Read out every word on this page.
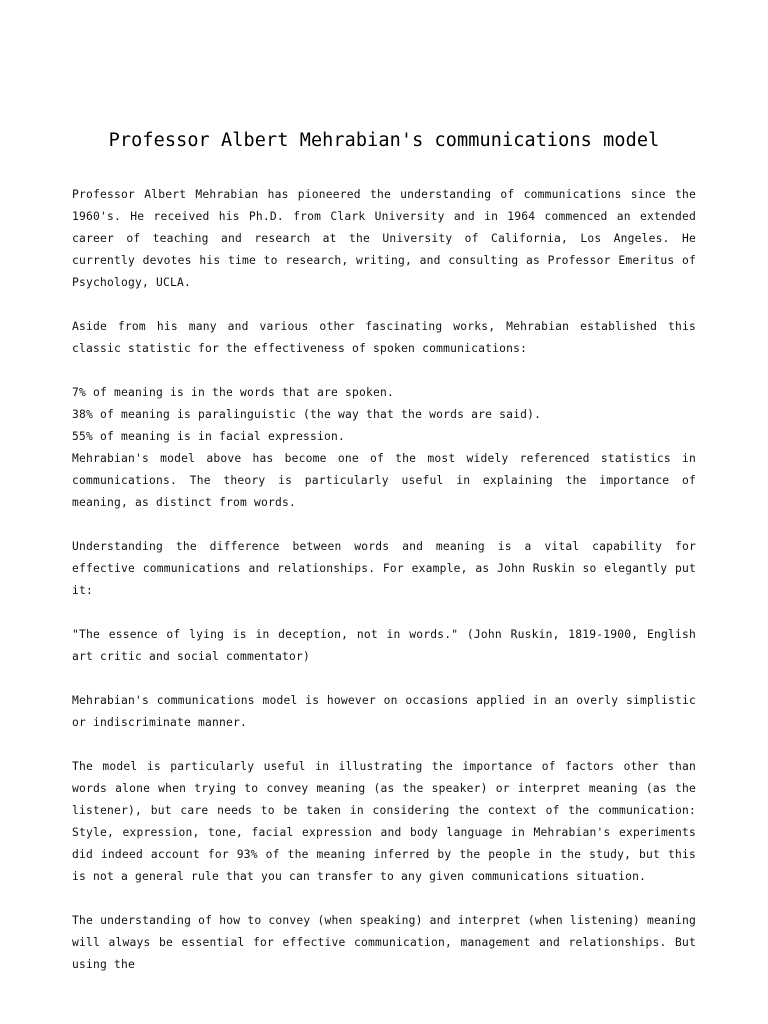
Professor Albert Mehrabian's communications model

Professor Albert Mehrabian has pioneered the understanding of communications since the 1960's. He received his Ph.D. from Clark University and in 1964 commenced an extended career of teaching and research at the University of California, Los Angeles. He currently devotes his time to research, writing, and consulting as Professor Emeritus of Psychology, UCLA.

Aside from his many and various other fascinating works, Mehrabian established this classic statistic for the effectiveness of spoken communications:

7% of meaning is in the words that are spoken.

38% of meaning is paralinguistic (the way that the words are said).

55% of meaning is in facial expression.

Mehrabian's model above has become one of the most widely referenced statistics in communications. The theory is particularly useful in explaining the importance of meaning, as distinct from words.

Understanding the difference between words and meaning is a vital capability for effective communications and relationships. For example, as John Ruskin so elegantly put it:

"The essence of lying is in deception, not in words." (John Ruskin, 1819-1900, English art critic and social commentator)

Mehrabian's communications model is however on occasions applied in an overly simplistic or indiscriminate manner.

The model is particularly useful in illustrating the importance of factors other than words alone when trying to convey meaning (as the speaker) or interpret meaning (as the listener), but care needs to be taken in considering the context of the communication: Style, expression, tone, facial expression and body language in Mehrabian's experiments did indeed account for 93% of the meaning inferred by the people in the study, but this is not a general rule that you can transfer to any given communications situation.

The understanding of how to convey (when speaking) and interpret (when listening) meaning will always be essential for effective communication, management and relationships. But using the
